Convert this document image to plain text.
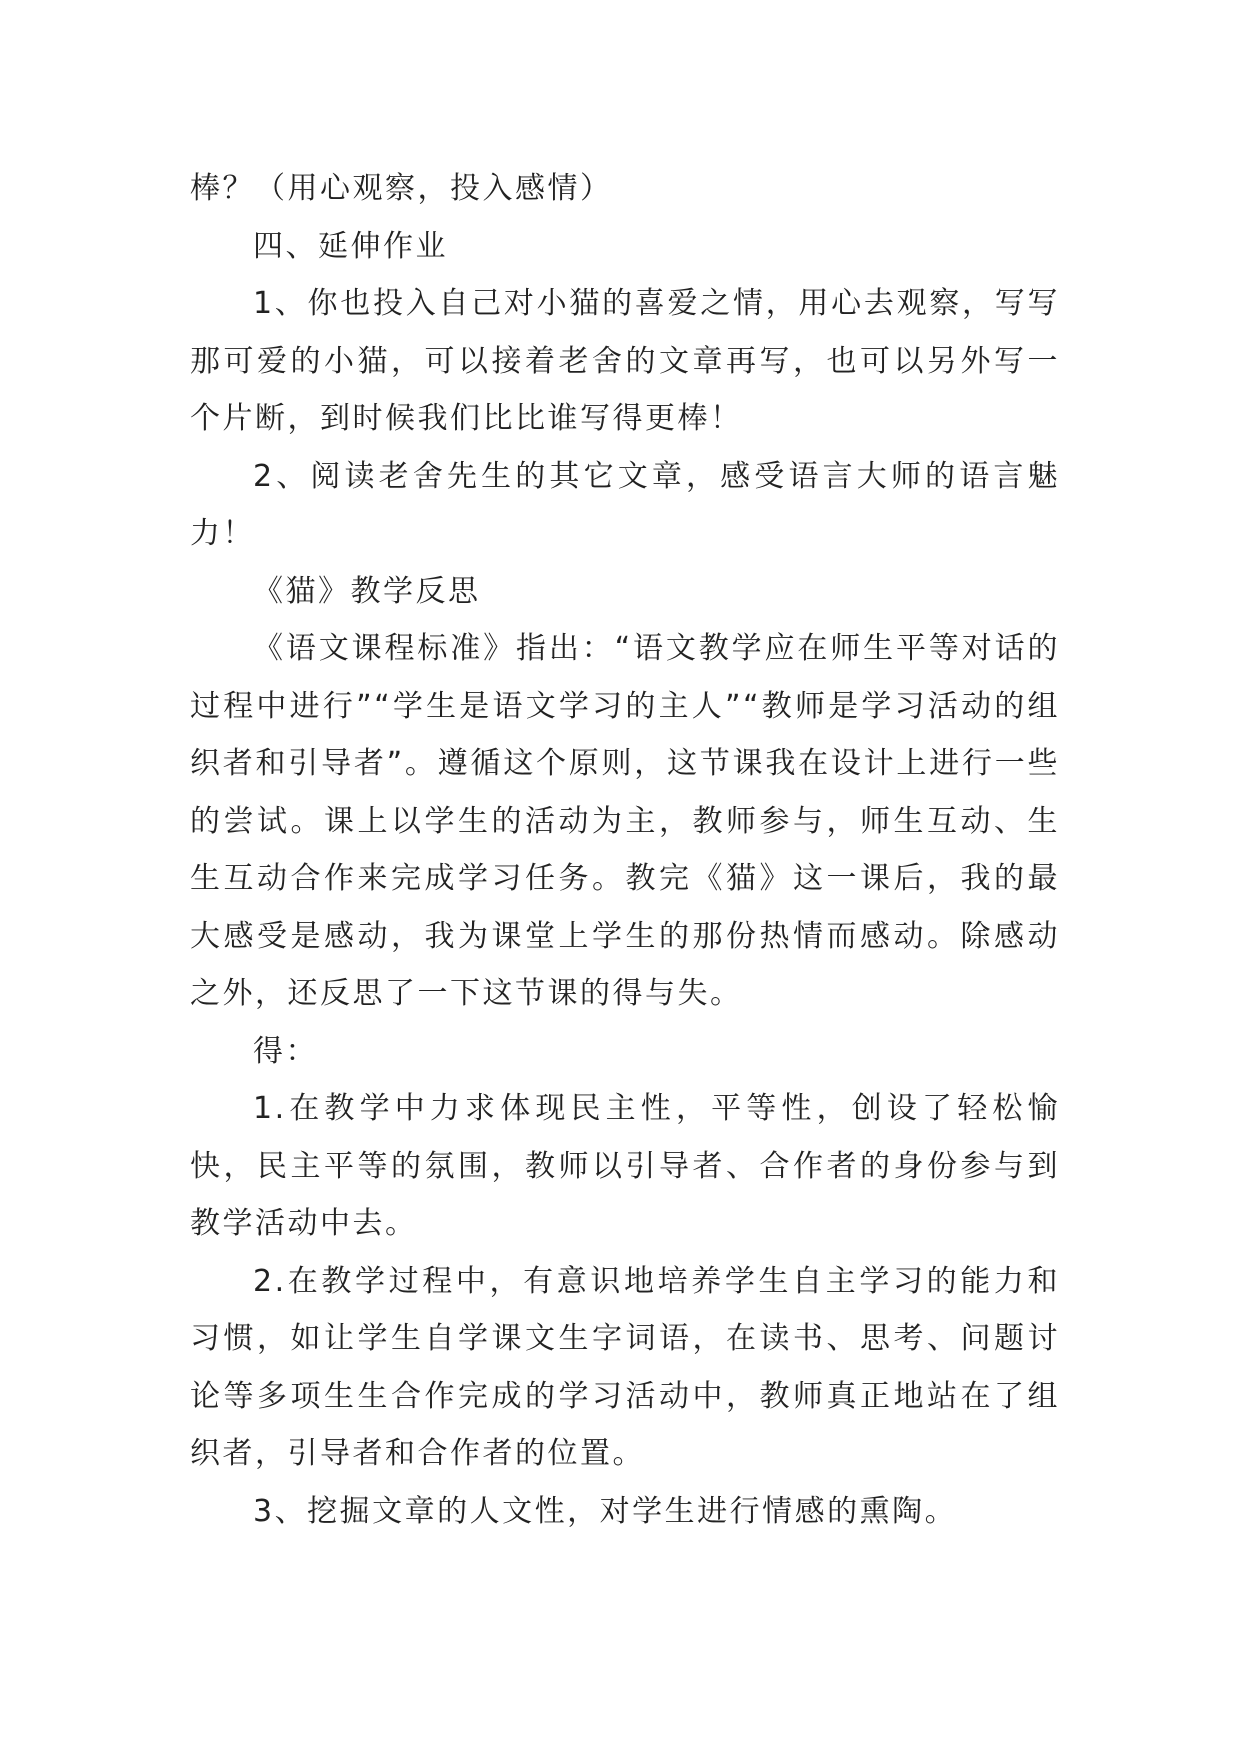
棒？（用心观察，投入感情）

四、延伸作业

1、你也投入自己对小猫的喜爱之情，用心去观察，写写那可爱的小猫，可以接着老舍的文章再写，也可以另外写一个片断，到时候我们比比谁写得更棒！

2、阅读老舍先生的其它文章，感受语言大师的语言魅力！

《猫》教学反思

《语文课程标准》指出：“语文教学应在师生平等对话的过程中进行”“学生是语文学习的主人”“教师是学习活动的组织者和引导者”。遵循这个原则，这节课我在设计上进行一些的尝试。课上以学生的活动为主，教师参与，师生互动、生生互动合作来完成学习任务。教完《猫》这一课后，我的最大感受是感动，我为课堂上学生的那份热情而感动。除感动之外，还反思了一下这节课的得与失。

得：

1.在教学中力求体现民主性，平等性，创设了轻松愉快，民主平等的氛围，教师以引导者、合作者的身份参与到教学活动中去。

2.在教学过程中，有意识地培养学生自主学习的能力和习惯，如让学生自学课文生字词语，在读书、思考、问题讨论等多项生生合作完成的学习活动中，教师真正地站在了组织者，引导者和合作者的位置。

3、挖掘文章的人文性，对学生进行情感的熏陶。
